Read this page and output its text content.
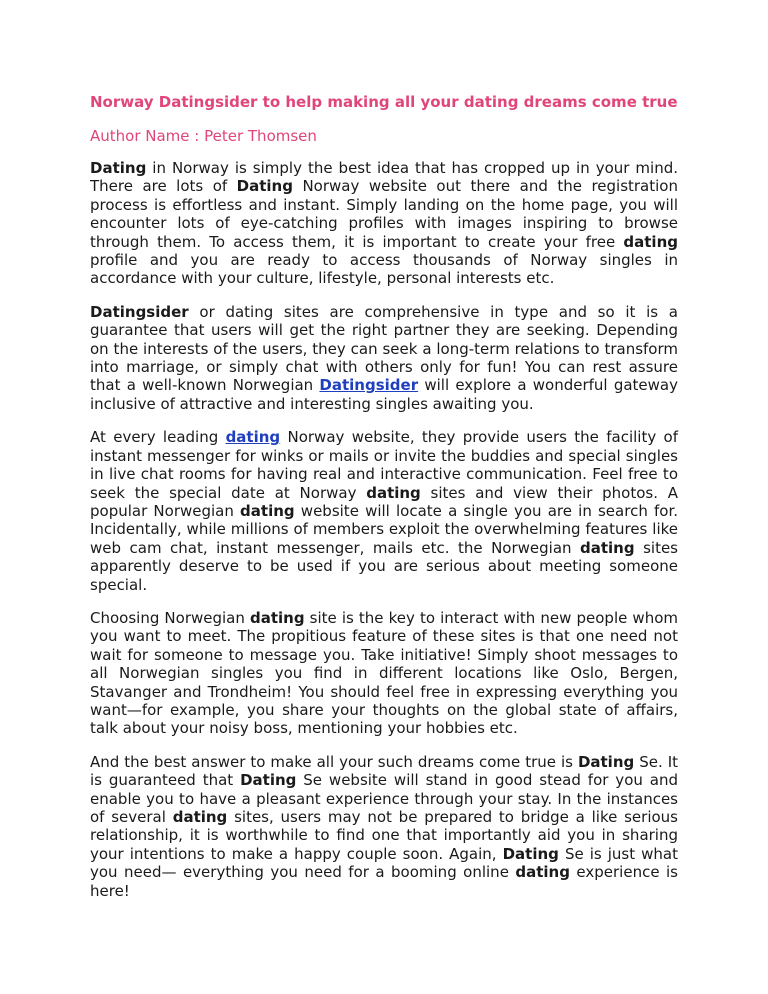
Norway Datingsider to help making all your dating dreams come true
Author Name : Peter Thomsen

Dating in Norway is simply the best idea that has cropped up in your mind. There are lots of Dating Norway website out there and the registration process is effortless and instant. Simply landing on the home page, you will encounter lots of eye-catching profiles with images inspiring to browse through them. To access them, it is important to create your free dating profile and you are ready to access thousands of Norway singles in accordance with your culture, lifestyle, personal interests etc.

Datingsider or dating sites are comprehensive in type and so it is a guarantee that users will get the right partner they are seeking. Depending on the interests of the users, they can seek a long-term relations to transform into marriage, or simply chat with others only for fun! You can rest assure that a well-known Norwegian Datingsider will explore a wonderful gateway inclusive of attractive and interesting singles awaiting you.

At every leading dating Norway website, they provide users the facility of instant messenger for winks or mails or invite the buddies and special singles in live chat rooms for having real and interactive communication. Feel free to seek the special date at Norway dating sites and view their photos. A popular Norwegian dating website will locate a single you are in search for. Incidentally, while millions of members exploit the overwhelming features like web cam chat, instant messenger, mails etc. the Norwegian dating sites apparently deserve to be used if you are serious about meeting someone special.

Choosing Norwegian dating site is the key to interact with new people whom you want to meet. The propitious feature of these sites is that one need not wait for someone to message you. Take initiative! Simply shoot messages to all Norwegian singles you find in different locations like Oslo, Bergen, Stavanger and Trondheim! You should feel free in expressing everything you want—for example, you share your thoughts on the global state of affairs, talk about your noisy boss, mentioning your hobbies etc.

And the best answer to make all your such dreams come true is Dating Se. It is guaranteed that Dating Se website will stand in good stead for you and enable you to have a pleasant experience through your stay. In the instances of several dating sites, users may not be prepared to bridge a like serious relationship, it is worthwhile to find one that importantly aid you in sharing your intentions to make a happy couple soon. Again, Dating Se is just what you need— everything you need for a booming online dating experience is here!
